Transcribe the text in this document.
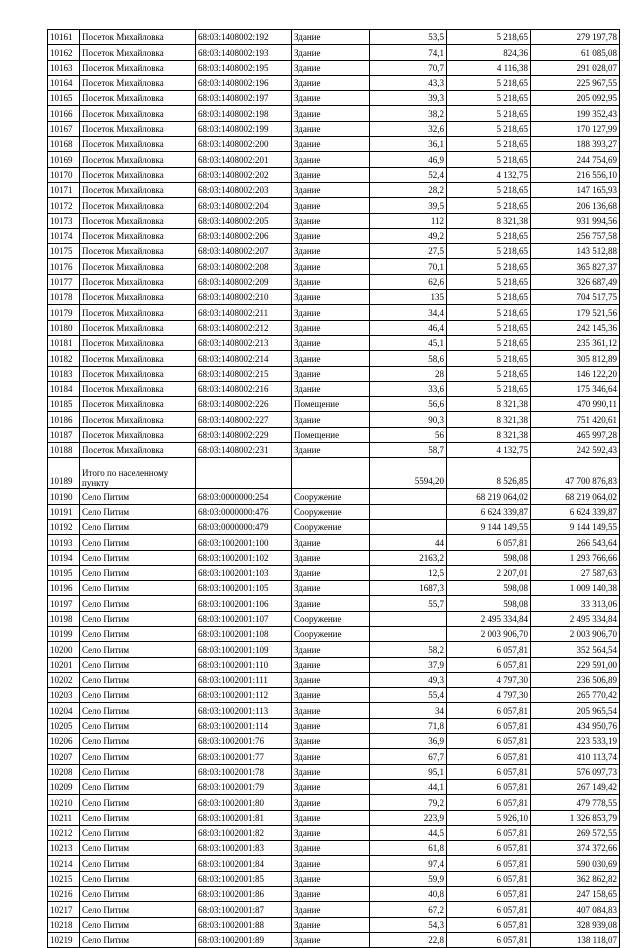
10161	Посеток Михайловка	68:03:1408002:192	Здание	53,5	5 218,65	279 197,78
10162	Посеток Михайловка	68:03:1408002:193	Здание	74,1	824,36	61 085,08
10163	Посеток Михайловка	68:03:1408002:195	Здание	70,7	4 116,38	291 028,07
10164	Посеток Михайловка	68:03:1408002:196	Здание	43,3	5 218,65	225 967,55
10165	Посеток Михайловка	68:03:1408002:197	Здание	39,3	5 218,65	205 092,95
10166	Посеток Михайловка	68:03:1408002:198	Здание	38,2	5 218,65	199 352,43
10167	Посеток Михайловка	68:03:1408002:199	Здание	32,6	5 218,65	170 127,99
10168	Посеток Михайловка	68:03:1408002:200	Здание	36,1	5 218,65	188 393,27
10169	Посеток Михайловка	68:03:1408002:201	Здание	46,9	5 218,65	244 754,69
10170	Посеток Михайловка	68:03:1408002:202	Здание	52,4	4 132,75	216 556,10
10171	Посеток Михайловка	68:03:1408002:203	Здание	28,2	5 218,65	147 165,93
10172	Посеток Михайловка	68:03:1408002:204	Здание	39,5	5 218,65	206 136,68
10173	Посеток Михайловка	68:03:1408002:205	Здание	112	8 321,38	931 994,56
10174	Посеток Михайловка	68:03:1408002:206	Здание	49,2	5 218,65	256 757,58
10175	Посеток Михайловка	68:03:1408002:207	Здание	27,5	5 218,65	143 512,88
10176	Посеток Михайловка	68:03:1408002:208	Здание	70,1	5 218,65	365 827,37
10177	Посеток Михайловка	68:03:1408002:209	Здание	62,6	5 218,65	326 687,49
10178	Посеток Михайловка	68:03:1408002:210	Здание	135	5 218,65	704 517,75
10179	Посеток Михайловка	68:03:1408002:211	Здание	34,4	5 218,65	179 521,56
10180	Посеток Михайловка	68:03:1408002:212	Здание	46,4	5 218,65	242 145,36
10181	Посеток Михайловка	68:03:1408002:213	Здание	45,1	5 218,65	235 361,12
10182	Посеток Михайловка	68:03:1408002:214	Здание	58,6	5 218,65	305 812,89
10183	Посеток Михайловка	68:03:1408002:215	Здание	28	5 218,65	146 122,20
10184	Посеток Михайловка	68:03:1408002:216	Здание	33,6	5 218,65	175 346,64
10185	Посеток Михайловка	68:03:1408002:226	Помещение	56,6	8 321,38	470 990,11
10186	Посеток Михайловка	68:03:1408002:227	Здание	90,3	8 321,38	751 420,61
10187	Посеток Михайловка	68:03:1408002:229	Помещение	56	8 321,38	465 997,28
10188	Посеток Михайловка	68:03:1408002:231	Здание	58,7	4 132,75	242 592,43
10189	Итого по населенному пункту			5594,20	8 526,85	47 700 876,83
10190	Село Питим	68:03:0000000:254	Сооружение		68 219 064,02	68 219 064,02
10191	Село Питим	68:03:0000000:476	Сооружение		6 624 339,87	6 624 339,87
10192	Село Питим	68:03:0000000:479	Сооружение		9 144 149,55	9 144 149,55
10193	Село Питим	68:03:1002001:100	Здание	44	6 057,81	266 543,64
10194	Село Питим	68:03:1002001:102	Здание	2163,2	598,08	1 293 766,66
10195	Село Питим	68:03:1002001:103	Здание	12,5	2 207,01	27 587,63
10196	Село Питим	68:03:1002001:105	Здание	1687,3	598,08	1 009 140,38
10197	Село Питим	68:03:1002001:106	Здание	55,7	598,08	33 313,06
10198	Село Питим	68:03:1002001:107	Сооружение		2 495 334,84	2 495 334,84
10199	Село Питим	68:03:1002001:108	Сооружение		2 003 906,70	2 003 906,70
10200	Село Питим	68:03:1002001:109	Здание	58,2	6 057,81	352 564,54
10201	Село Питим	68:03:1002001:110	Здание	37,9	6 057,81	229 591,00
10202	Село Питим	68:03:1002001:111	Здание	49,3	4 797,30	236 506,89
10203	Село Питим	68:03:1002001:112	Здание	55,4	4 797,30	265 770,42
10204	Село Питим	68:03:1002001:113	Здание	34	6 057,81	205 965,54
10205	Село Питим	68:03:1002001:114	Здание	71,8	6 057,81	434 950,76
10206	Село Питим	68:03:1002001:76	Здание	36,9	6 057,81	223 533,19
10207	Село Питим	68:03:1002001:77	Здание	67,7	6 057,81	410 113,74
10208	Село Питим	68:03:1002001:78	Здание	95,1	6 057,81	576 097,73
10209	Село Питим	68:03:1002001:79	Здание	44,1	6 057,81	267 149,42
10210	Село Питим	68:03:1002001:80	Здание	79,2	6 057,81	479 778,55
10211	Село Питим	68:03:1002001:81	Здание	223,9	5 926,10	1 326 853,79
10212	Село Питим	68:03:1002001:82	Здание	44,5	6 057,81	269 572,55
10213	Село Питим	68:03:1002001:83	Здание	61,8	6 057,81	374 372,66
10214	Село Питим	68:03:1002001:84	Здание	97,4	6 057,81	590 030,69
10215	Село Питим	68:03:1002001:85	Здание	59,9	6 057,81	362 862,82
10216	Село Питим	68:03:1002001:86	Здание	40,8	6 057,81	247 158,65
10217	Село Питим	68:03:1002001:87	Здание	67,2	6 057,81	407 084,83
10218	Село Питим	68:03:1002001:88	Здание	54,3	6 057,81	328 939,08
10219	Село Питим	68:03:1002001:89	Здание	22,8	6 057,81	138 118,07
